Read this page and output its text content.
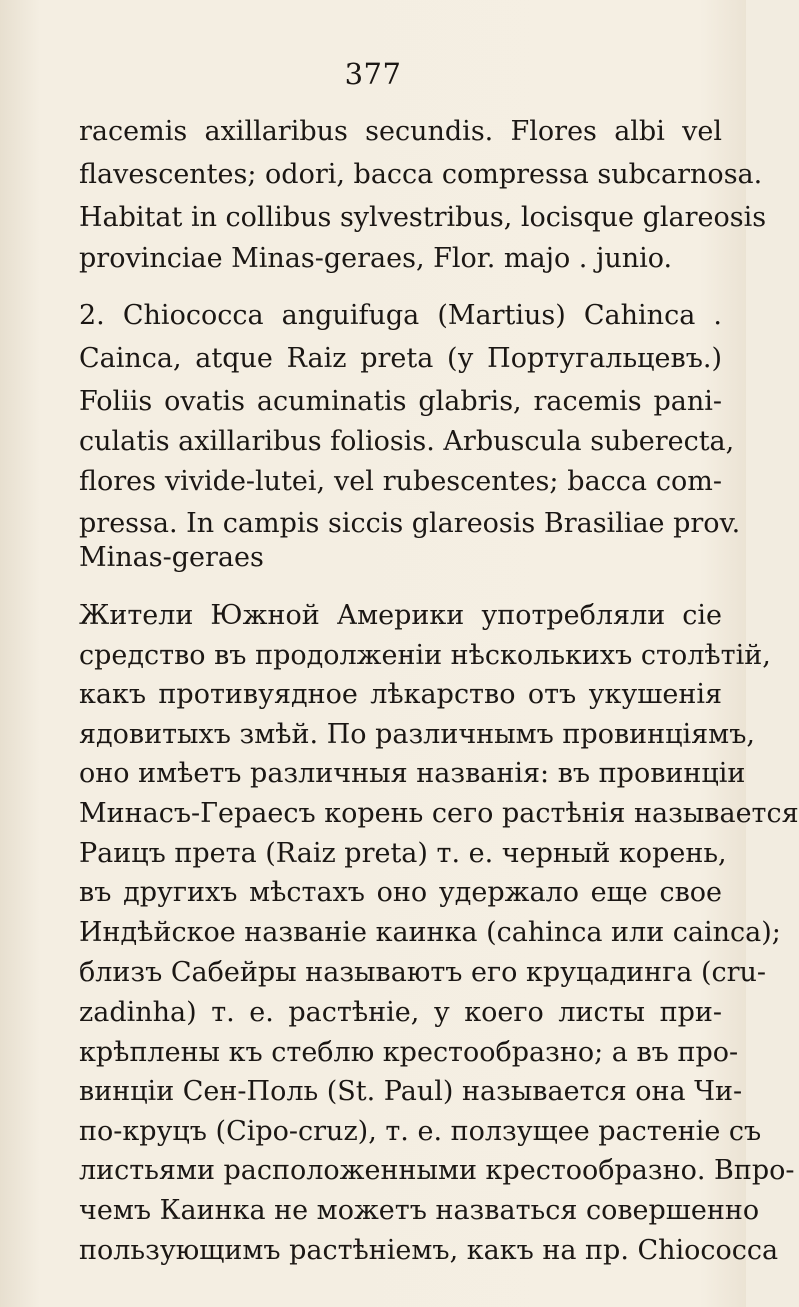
377
racemis axillaribus secundis. Flores albi vel
flavescentes; odori, bacca compressa subcarnosa.
Habitat in collibus sylvestribus, locisque glareosis
provinciae Minas-geraes, Flor. majo . junio.
2. Chiococca anguifuga (Martius) Cahinca .
Cainca, atque Raiz preta (у Португальцевъ.)
Foliis ovatis acuminatis glabris, racemis pani-
culatis axillaribus foliosis. Arbuscula suberecta,
flores vivide-lutei, vel rubescentes; bacca com-
pressa. In campis siccis glareosis Brasiliae prov.
Minas-geraes
Жители Южной Америки употребляли сіе
средство въ продолженіи нѣсколькихъ столѣтій,
какъ противуядное лѣкарство отъ укушенія
ядовитыхъ змѣй. По различнымъ провинціямъ,
оно имѣетъ различныя названія: въ провинціи
Минасъ-Гераесъ корень сего растѣнія называется
Раицъ прета (Raiz preta) т. е. черный корень,
въ другихъ мѣстахъ оно удержало еще свое
Индѣйское названіе каинка (cahinca или cainca);
близъ Сабейры называютъ его круцадинга (cru-
zadinha) т. е. растѣніе, у коего листы при-
крѣплены къ стеблю крестообразно; а въ про-
винціи Сен-Поль (St. Paul) называется она Чи-
по-круцъ (Cipo-cruz), т. е. ползущее растеніе съ
листьями расположенными крестообразно. Впро-
чемъ Каинка не можетъ назваться совершенно
пользующимъ растѣніемъ, какъ на пр. Chiococca
